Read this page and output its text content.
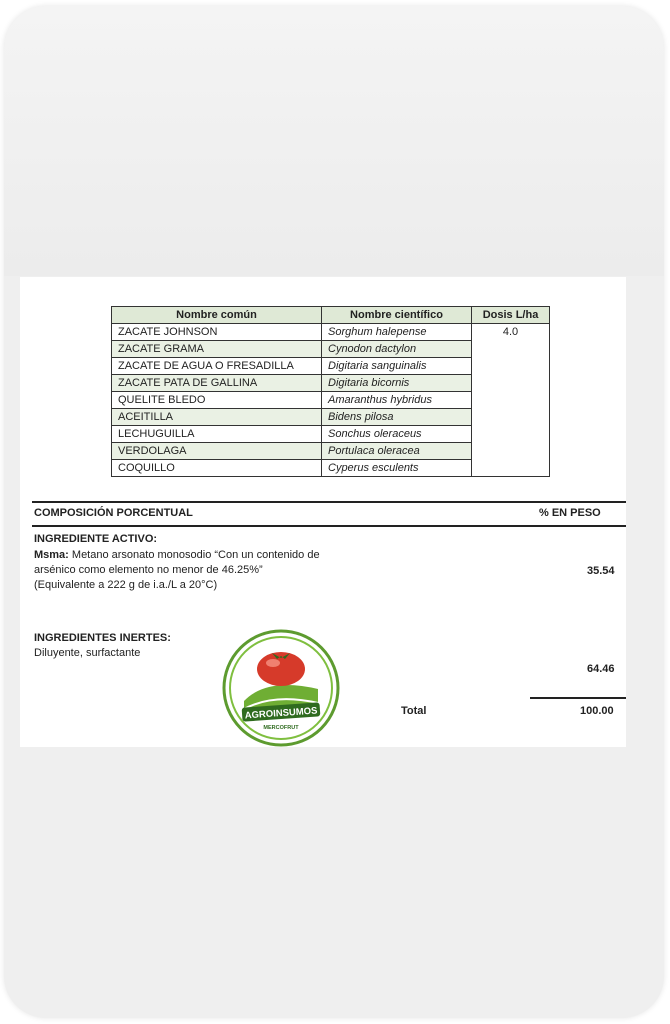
Nombre común	Nombre científico	Dosis L/ha
ZACATE JOHNSON	Sorghum halepense	4.0
ZACATE GRAMA	Cynodon dactylon	
ZACATE DE AGUA O FRESADILLA	Digitaria sanguinalis	
ZACATE PATA DE GALLINA	Digitaria bicornis	
QUELITE BLEDO	Amaranthus hybridus	
ACEITILLA	Bidens pilosa	
LECHUGUILLA	Sonchus oleraceus	
VERDOLAGA	Portulaca oleracea	
COQUILLO	Cyperus esculents	
COMPOSICIÓN PORCENTUAL	% EN PESO
INGREDIENTE ACTIVO:
Msma: Metano arsonato monosodio “Con un contenido de
arsénico como elemento no menor de 46.25%”
(Equivalente a 222 g de i.a./L a 20°C)
35.54
INGREDIENTES INERTES:
Diluyente, surfactante
64.46
Total	100.00
AGROINSUMOS
MERCOFRUT
